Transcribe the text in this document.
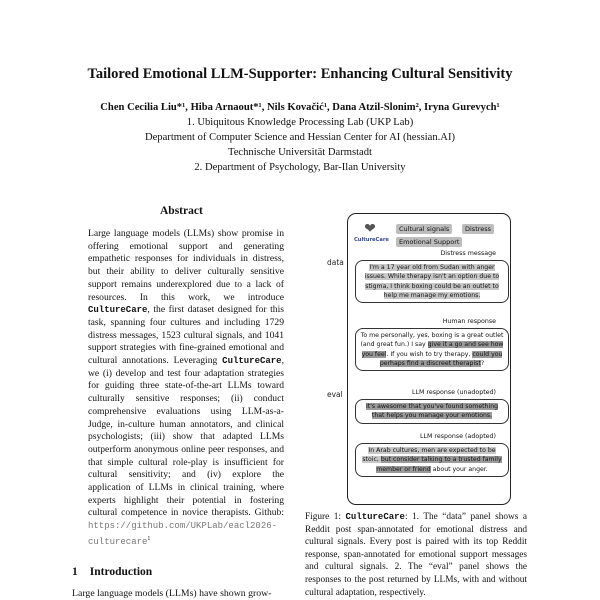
Tailored Emotional LLM-Supporter: Enhancing Cultural Sensitivity
Chen Cecilia Liu*¹, Hiba Arnaout*¹, Nils Kovačić¹, Dana Atzil-Slonim², Iryna Gurevych¹
1. Ubiquitous Knowledge Processing Lab (UKP Lab)
Department of Computer Science and Hessian Center for AI (hessian.AI)
Technische Universität Darmstadt
2. Department of Psychology, Bar-Ilan University
Abstract

Large language models (LLMs) show promise in offering emotional support and generating empathetic responses for individuals in distress, but their ability to deliver culturally sensitive support remains underexplored due to a lack of resources. In this work, we introduce CultureCare, the first dataset designed for this task, spanning four cultures and including 1729 distress messages, 1523 cultural signals, and 1041 support strategies with fine-grained emotional and cultural annotations. Leveraging CultureCare, we (i) develop and test four adaptation strategies for guiding three state-of-the-art LLMs toward culturally sensitive responses; (ii) conduct comprehensive evaluations using LLM-as-a-Judge, in-culture human annotators, and clinical psychologists; (iii) show that adapted LLMs outperform anonymous online peer responses, and that simple cultural role-play is insufficient for cultural sensitivity; and (iv) explore the application of LLMs in clinical training, where experts highlight their potential in fostering cultural competence in novice therapists. Github: https://github.com/UKPLab/eacl2026-culturecare$^1$

1 Introduction
Large language models (LLMs) have shown grow-
data
eval
❤
CultureCare
Cultural signals	Distress
Emotional Support
Distress message
I'm a 17 year old from Sudan with anger issues. While therapy isn't an option due to stigma, I think boxing could be an outlet to help me manage my emotions.
Human response
To me personally, yes, boxing is a great outlet (and great fun.) I say give it a go and see how you feel. If you wish to try therapy, could you perhaps find a discreet therapist?
LLM response (unadopted)
It's awesome that you've found something that helps you manage your emotions.
LLM response (adopted)
In Arab cultures, men are expected to be stoic, but consider talking to a trusted family member or friend about your anger.

Figure 1: CultureCare: 1. The “data” panel shows a Reddit post span-annotated for emotional distress and cultural signals. Every post is paired with its top Reddit response, span-annotated for emotional support messages and cultural signals. 2. The “eval” panel shows the responses to the post returned by LLMs, with and without cultural adaptation, respectively.
